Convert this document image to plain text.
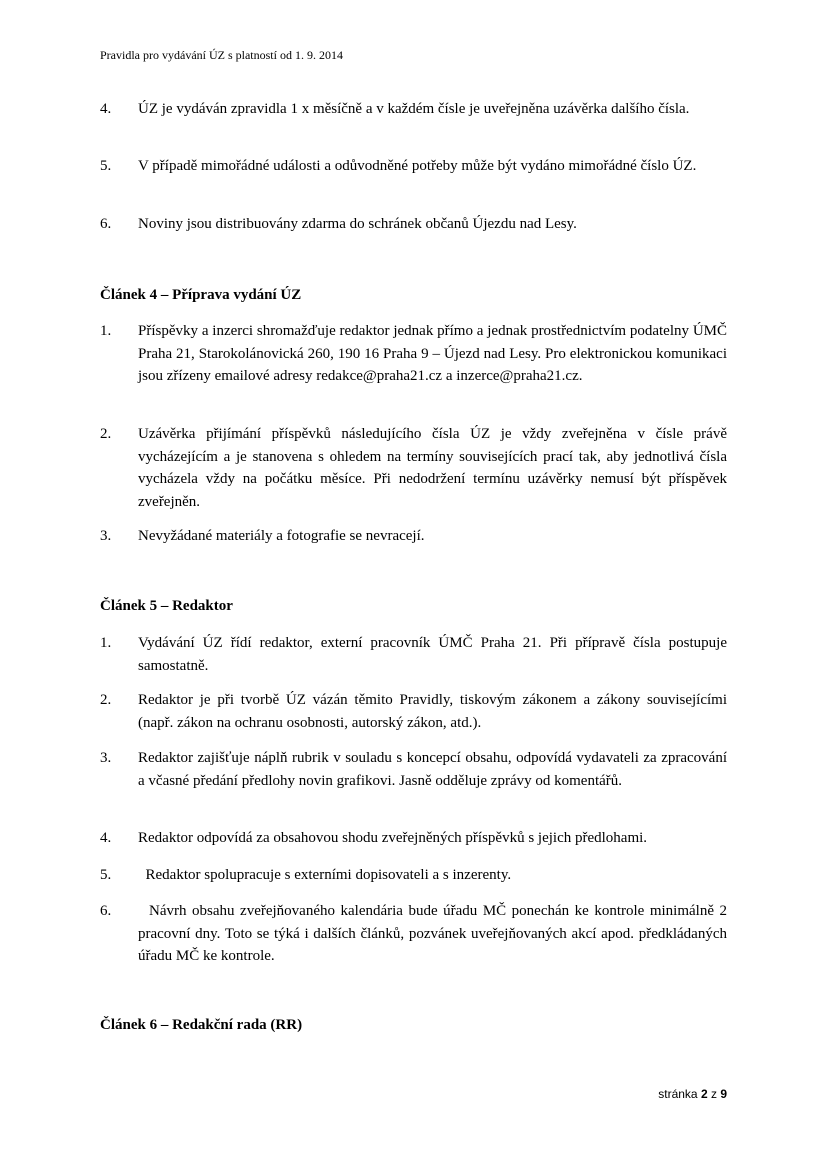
Pravidla pro vydávání ÚZ s platností od 1. 9. 2014
4.	ÚZ je vydáván zpravidla 1 x měsíčně a v každém čísle je uveřejněna uzávěrka dalšího čísla.
5.	V případě mimořádné události a odůvodněné potřeby může být vydáno mimořádné číslo ÚZ.
6.	Noviny jsou distribuovány zdarma do schránek občanů Újezdu nad Lesy.
Článek 4 – Příprava vydání ÚZ
1.	Příspěvky a inzerci shromažďuje redaktor jednak přímo a jednak prostřednictvím podatelny ÚMČ Praha 21, Starokolánovická 260, 190 16 Praha 9 – Újezd nad Lesy. Pro elektronickou komunikaci jsou zřízeny emailové adresy redakce@praha21.cz a inzerce@praha21.cz.
2.	Uzávěrka přijímání příspěvků následujícího čísla ÚZ je vždy zveřejněna v čísle právě vycházejícím a je stanovena s ohledem na termíny souvisejících prací tak, aby jednotlivá čísla vycházela vždy na počátku měsíce. Při nedodržení termínu uzávěrky nemusí být příspěvek zveřejněn.
3.	Nevyžádané materiály a fotografie se nevracejí.
Článek 5 – Redaktor
1.	Vydávání ÚZ řídí redaktor, externí pracovník ÚMČ Praha 21. Při přípravě čísla postupuje samostatně.
2.	Redaktor je při tvorbě ÚZ vázán těmito Pravidly, tiskovým zákonem a zákony souvisejícími (např. zákon na ochranu osobnosti, autorský zákon, atd.).
3.	Redaktor zajišťuje náplň rubrik v souladu s koncepcí obsahu, odpovídá vydavateli za zpracování a včasné předání předlohy novin grafikovi. Jasně odděluje zprávy od komentářů.
4.	Redaktor odpovídá za obsahovou shodu zveřejněných příspěvků s jejich předlohami.
5.	Redaktor spolupracuje s externími dopisovateli a s inzerenty.
6.	Návrh obsahu zveřejňovaného kalendária bude úřadu MČ ponechán ke kontrole minimálně 2 pracovní dny. Toto se týká i dalších článků, pozvánek uveřejňovaných akcí apod. předkládaných úřadu MČ ke kontrole.
Článek 6 – Redakční rada (RR)
stránka 2 z 9
